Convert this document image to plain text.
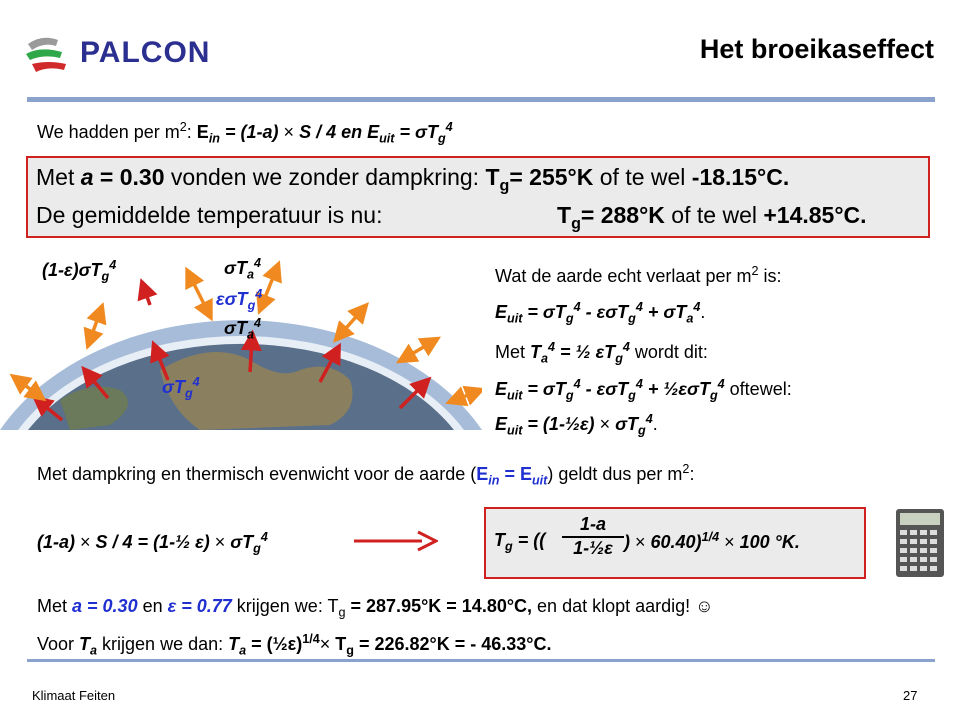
PALCON	Het broeikaseffect
We hadden per $m^2$: $E_{in} = (1-a) \times S / 4$ en $E_{uit} = \sigma T_g^4$
Met a = 0.30 vonden we zonder dampkring: $T_g= 255^\circ K$ of te wel -18.15°C.
De gemiddelde temperatuur is nu:	$T_g= 288^\circ K$ of te wel +14.85°C.
$(1-\varepsilon)\sigma T_g^4$	$\sigma T_a^4$
εσT$_g^4$
$\sigma T_a^4$
$\sigma T_g^4$
Wat de aarde echt verlaat per $m^2$ is:
$E_{uit} = \sigma T_g^4 - \varepsilon\sigma T_g^4 + \sigma T_a^4$.
Met $T_a^4$ = ½ $\varepsilon T_g^4$ wordt dit:
$E_{uit} = \sigma T_g^4 - \varepsilon\sigma T_g^4$ + ½εσT$_g^4$ oftewel:
$E_{uit}$ = (1-½ε) × $\sigma T_g^4$.
Met dampkring en thermisch evenwicht voor de aarde $(E_{in} = E_{uit})$ geldt dus per $m^2$:
(1-a) × S / 4 = (1-½ $\varepsilon) \times \sigma T_g^4$	$T_g$ = (( $\frac{1-a}{\text{1-½ε}}$ ) × 60.40)$^{1/4}$ × 100 °K.
Met a = 0.30 en ε = 0.77 krijgen we: $T_g = 287.95^\circ K = 14.80^\circ C$, en dat klopt aardig! ☺
Voor $T_a$ krijgen we dan: $T_a$ = (½ε)$^{1/4}$× $T_g = 226.82^\circ K$ = - 46.33°C.
Klimaat Feiten	27
